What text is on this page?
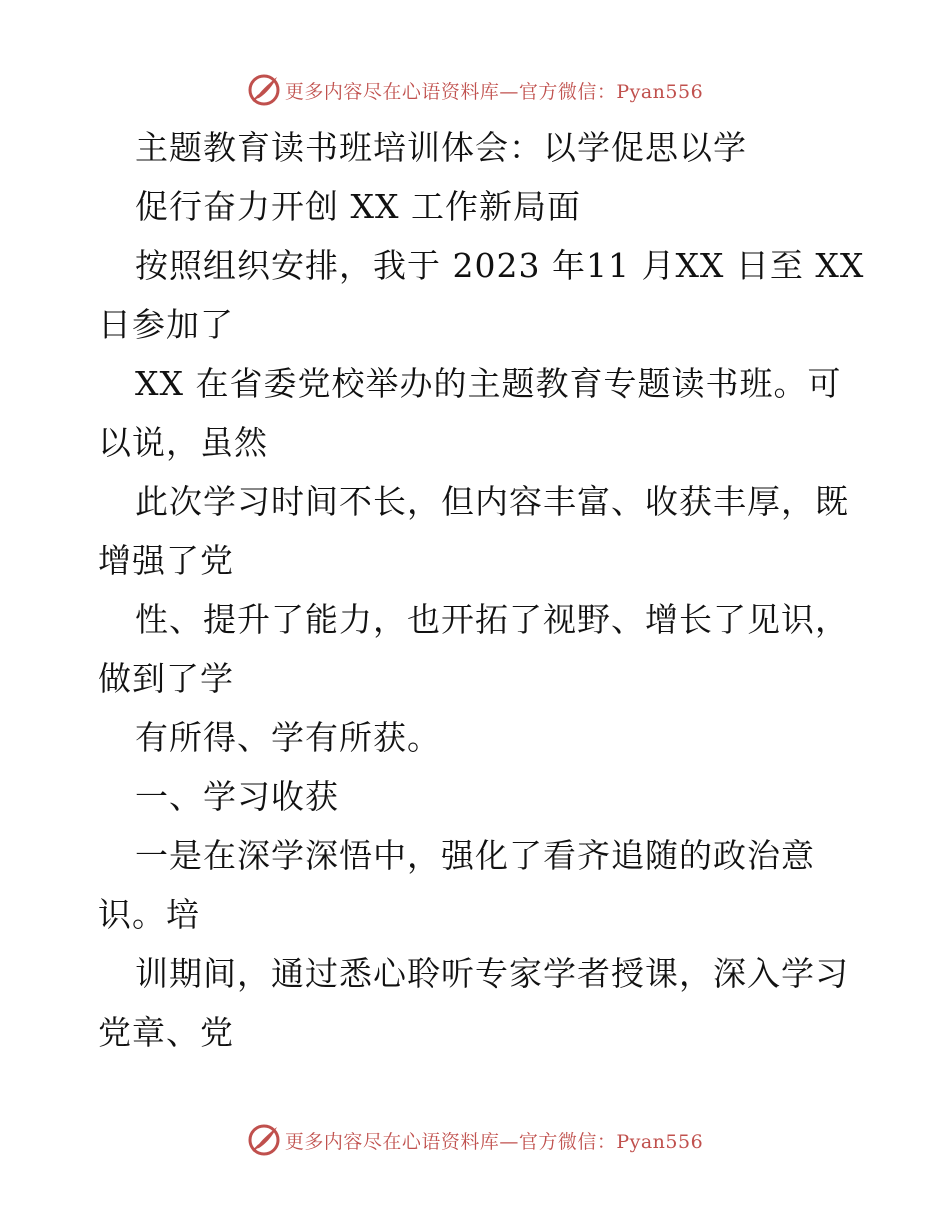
更多内容尽在心语资料库—官方微信：Pyan556
主题教育读书班培训体会：以学促思以学
促行奋力开创 XX 工作新局面
按照组织安排，我于 2023 年11 月XX 日至 XX
日参加了
XX 在省委党校举办的主题教育专题读书班。可
以说，虽然
此次学习时间不长，但内容丰富、收获丰厚，既
增强了党
性、提升了能力，也开拓了视野、增长了见识，
做到了学
有所得、学有所获。
一、学习收获
一是在深学深悟中，强化了看齐追随的政治意
识。培
训期间，通过悉心聆听专家学者授课，深入学习
党章、党
更多内容尽在心语资料库—官方微信：Pyan556
